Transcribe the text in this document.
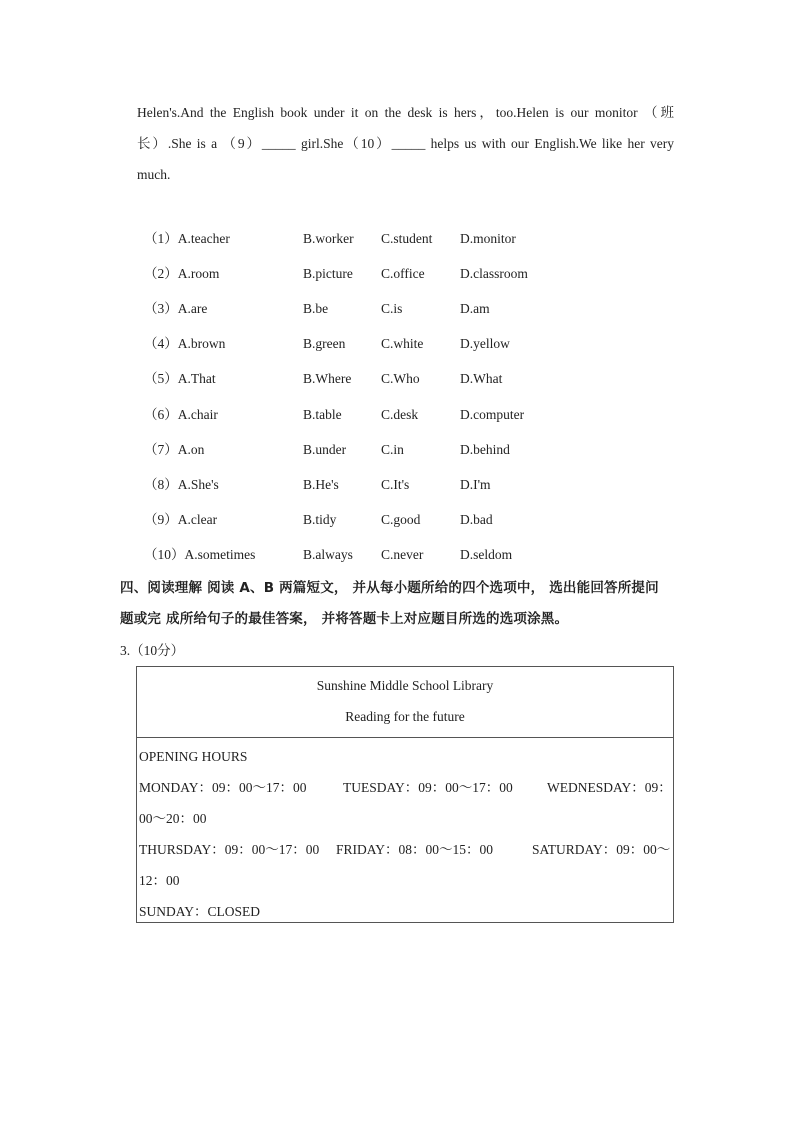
Helen's.And the English book under it on the desk is hers，too.Helen is our monitor （班
长）.She is a （9）_____ girl.She（10）_____ helps us with our English.We like her very
much.
（1）A.teacher	B.worker C.student D.monitor
（2）A.room	B.picture C.office	D.classroom
（3）A.are	B.be	C.is	D.am
（4）A.brown	B.green	C.white	D.yellow
（5）A.That	B.Where C.Who	D.What
（6）A.chair	B.table	C.desk	D.computer
（7）A.on	B.under	C.in	D.behind
（8）A.She's	B.He's	C.It's	D.I'm
（9）A.clear	B.tidy	C.good	D.bad
（10）A.sometimes	B.always C.never	D.seldom
四、阅读理解 阅读 A、B 两篇短文， 并从每小题所给的四个选项中， 选出能回答所提问
题或完 成所给句子的最佳答案， 并将答题卡上对应题目所选的选项涂黑。
3.（10分）
Sunshine Middle School Library
Reading for the future
OPENING HOURS
MONDAY：09：00～17：00	TUESDAY：09：00～17：00	WEDNESDAY：09：
00～20：00
THURSDAY：09：00～17：00 FRIDAY：08：00～15：00	SATURDAY：09：00～
12：00
SUNDAY：CLOSED
